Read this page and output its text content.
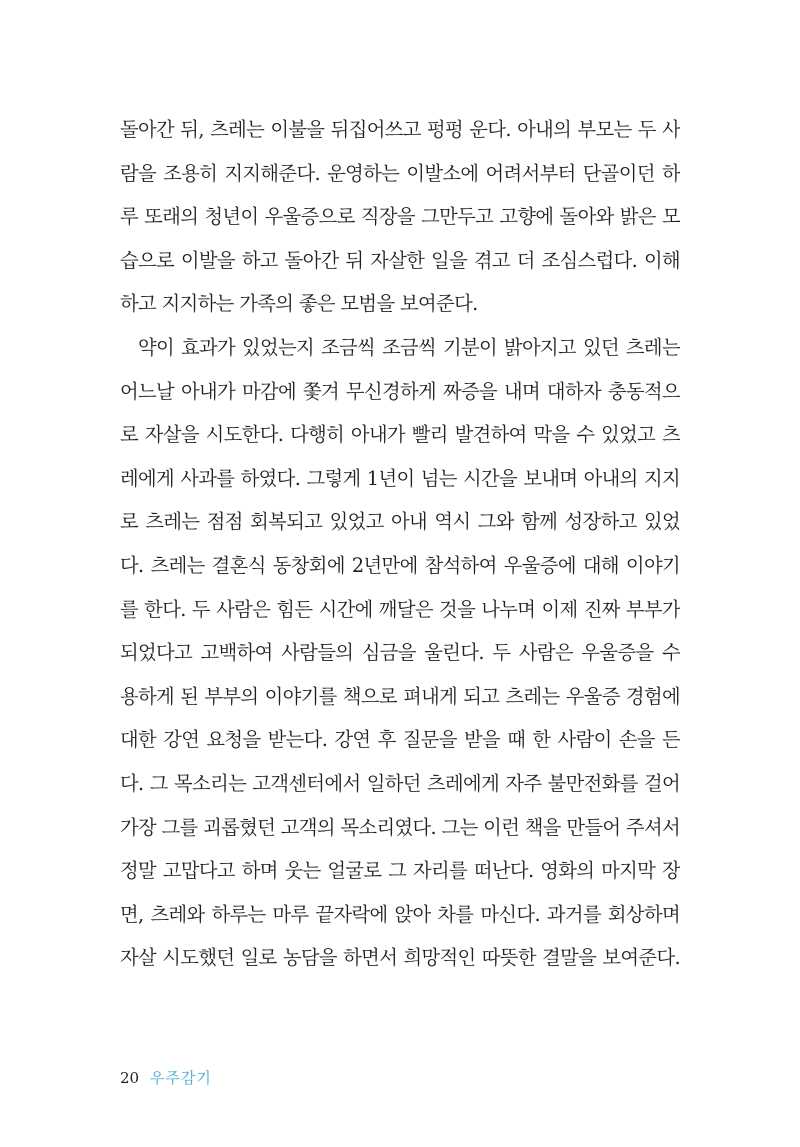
돌아간 뒤, 츠레는 이불을 뒤집어쓰고 펑펑 운다. 아내의 부모는 두 사
람을 조용히 지지해준다. 운영하는 이발소에 어려서부터 단골이던 하
루 또래의 청년이 우울증으로 직장을 그만두고 고향에 돌아와 밝은 모
습으로 이발을 하고 돌아간 뒤 자살한 일을 겪고 더 조심스럽다. 이해
하고 지지하는 가족의 좋은 모범을 보여준다.
약이 효과가 있었는지 조금씩 조금씩 기분이 밝아지고 있던 츠레는
어느날 아내가 마감에 쫓겨 무신경하게 짜증을 내며 대하자 충동적으
로 자살을 시도한다. 다행히 아내가 빨리 발견하여 막을 수 있었고 츠
레에게 사과를 하였다. 그렇게 1년이 넘는 시간을 보내며 아내의 지지
로 츠레는 점점 회복되고 있었고 아내 역시 그와 함께 성장하고 있었
다. 츠레는 결혼식 동창회에 2년만에 참석하여 우울증에 대해 이야기
를 한다. 두 사람은 힘든 시간에 깨달은 것을 나누며 이제 진짜 부부가
되었다고 고백하여 사람들의 심금을 울린다. 두 사람은 우울증을 수
용하게 된 부부의 이야기를 책으로 펴내게 되고 츠레는 우울증 경험에
대한 강연 요청을 받는다. 강연 후 질문을 받을 때 한 사람이 손을 든
다. 그 목소리는 고객센터에서 일하던 츠레에게 자주 불만전화를 걸어
가장 그를 괴롭혔던 고객의 목소리였다. 그는 이런 책을 만들어 주셔서
정말 고맙다고 하며 웃는 얼굴로 그 자리를 떠난다. 영화의 마지막 장
면, 츠레와 하루는 마루 끝자락에 앉아 차를 마신다. 과거를 회상하며
자살 시도했던 일로 농담을 하면서 희망적인 따뜻한 결말을 보여준다.
20 우주감기
